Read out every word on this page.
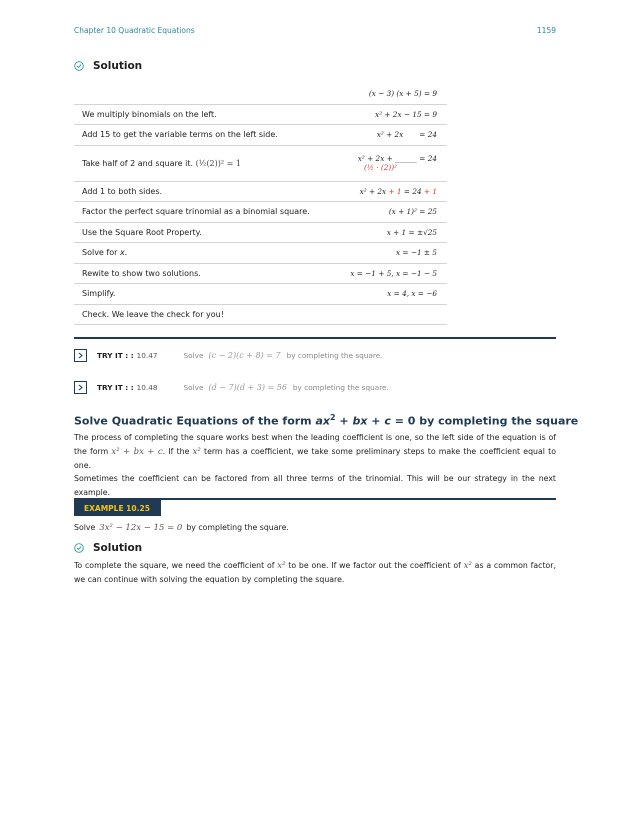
Chapter 10 Quadratic Equations	1159
Solution
	(x − 3) (x + 5) = 9
We multiply binomials on the left.	x² + 2x − 15 = 9
Add 15 to get the variable terms on the left side.	x² + 2x = 24
Take half of 2 and square it. (½(2))² = 1	x² + 2x + ______ = 24
(½ · (2))²

Add 1 to both sides.	x² + 2x + 1 = 24 + 1
Factor the perfect square trinomial as a binomial square.	(x + 1)² = 25
Use the Square Root Property.	x + 1 = ±√25
Solve for x.	x = −1 ± 5
Rewite to show two solutions.	x = −1 + 5, x = −1 − 5
Simplify.	x = 4, x = −6
Check. We leave the check for you!	
TRY IT : : 10.47	Solve (c − 2)(c + 8) = 7 by completing the square.
TRY IT : : 10.48	Solve (d − 7)(d + 3) = 56 by completing the square.
Solve Quadratic Equations of the form $ax^2$ + bx + c = 0 by completing the square
The process of completing the square works best when the leading coefficient is one, so the left side of the equation is of the form x² + bx + c. If the x² term has a coefficient, we take some preliminary steps to make the coefficient equal to one.
Sometimes the coefficient can be factored from all three terms of the trinomial. This will be our strategy in the next example.
EXAMPLE 10.25
Solve 3x² − 12x − 15 = 0 by completing the square.
Solution
To complete the square, we need the coefficient of x² to be one. If we factor out the coefficient of x² as a common factor, we can continue with solving the equation by completing the square.
